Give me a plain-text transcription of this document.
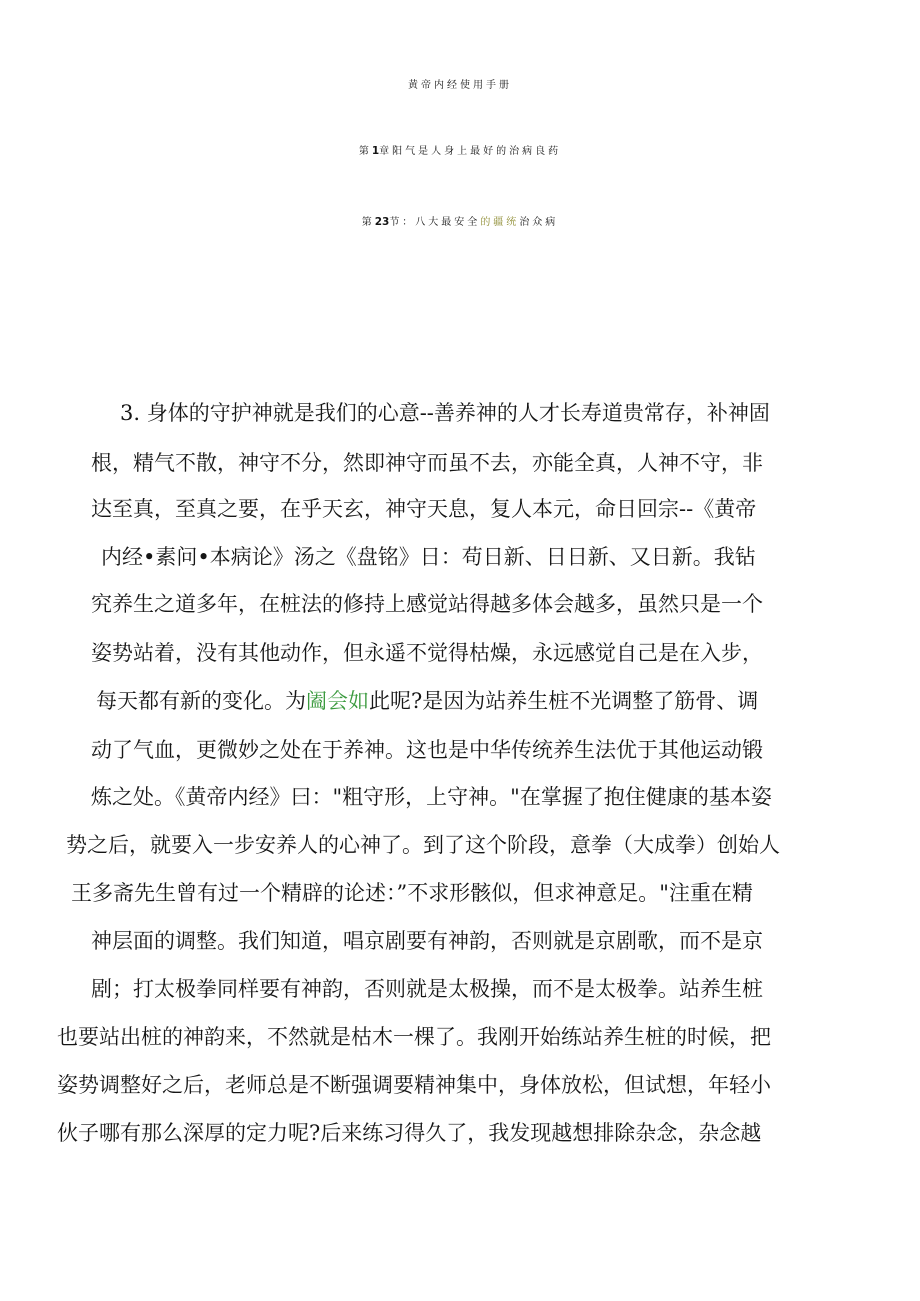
黄帝内经使用手册
第1章阳气是人身上最好的治病良药
第23节：八大最安全的疆统治众病
3. 身体的守护神就是我们的心意--善养神的人才长寿道贵常存，补神固
根，精气不散，神守不分，然即神守而虽不去，亦能全真，人神不守，非
达至真，至真之要，在乎天玄，神守天息，复人本元，命日回宗--《黄帝
内经•素问•本病论》汤之《盘铭》日：苟日新、日日新、又日新。我钻
究养生之道多年，在桩法的修持上感觉站得越多体会越多，虽然只是一个
姿势站着，没有其他动作，但永遥不觉得枯燥，永远感觉自己是在入步，
每天都有新的变化。为阖会如此呢?是因为站养生桩不光调整了筋骨、调
动了气血，更微妙之处在于养神。这也是中华传统养生法优于其他运动锻
炼之处。《黄帝内经》曰："粗守形，上守神。"在掌握了抱住健康的基本姿
势之后，就要入一步安养人的心神了。到了这个阶段，意拳（大成拳）创始人
王多斋先生曾有过一个精辟的论述：”不求形骸似，但求神意足。"注重在精
神层面的调整。我们知道，唱京剧要有神韵，否则就是京剧歌，而不是京
剧；打太极拳同样要有神韵，否则就是太极操，而不是太极拳。站养生桩
也要站出桩的神韵来，不然就是枯木一棵了。我刚开始练站养生桩的时候，把
姿势调整好之后，老师总是不断强调要精神集中，身体放松，但试想，年轻小
伙子哪有那么深厚的定力呢?后来练习得久了，我发现越想排除杂念，杂念越
